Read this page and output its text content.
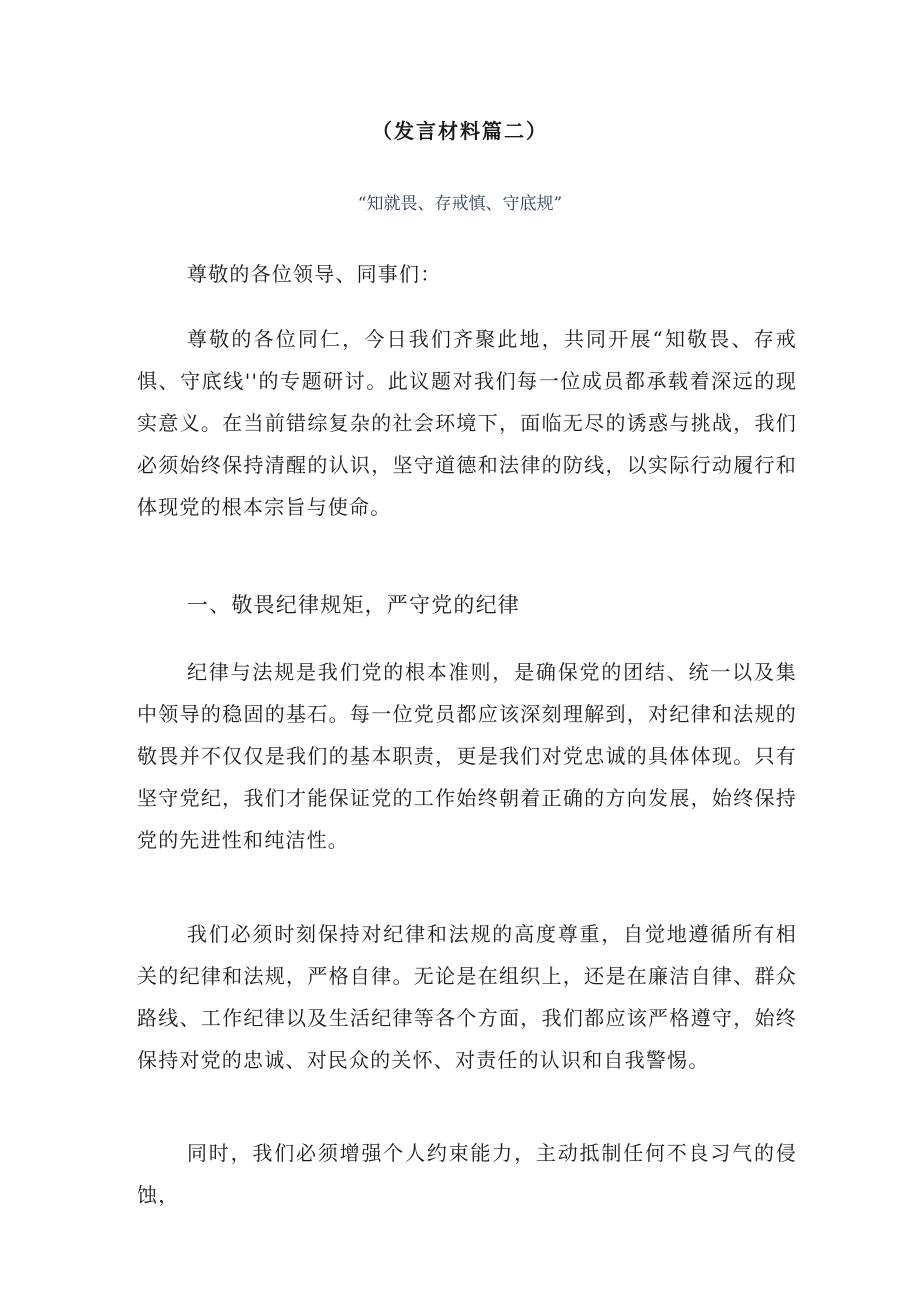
（发言材料篇二）

“知就畏、存戒慎、守底规”

尊敬的各位领导、同事们：

尊敬的各位同仁，今日我们齐聚此地，共同开展“知敬畏、存戒惧、守底线''的专题研讨。此议题对我们每一位成员都承载着深远的现实意义。在当前错综复杂的社会环境下，面临无尽的诱惑与挑战，我们必须始终保持清醒的认识，坚守道德和法律的防线，以实际行动履行和体现党的根本宗旨与使命。

一、敬畏纪律规矩，严守党的纪律

纪律与法规是我们党的根本准则，是确保党的团结、统一以及集中领导的稳固的基石。每一位党员都应该深刻理解到，对纪律和法规的敬畏并不仅仅是我们的基本职责，更是我们对党忠诚的具体体现。只有坚守党纪，我们才能保证党的工作始终朝着正确的方向发展，始终保持党的先进性和纯洁性。

我们必须时刻保持对纪律和法规的高度尊重，自觉地遵循所有相关的纪律和法规，严格自律。无论是在组织上，还是在廉洁自律、群众路线、工作纪律以及生活纪律等各个方面，我们都应该严格遵守，始终保持对党的忠诚、对民众的关怀、对责任的认识和自我警惕。

同时，我们必须增强个人约束能力，主动抵制任何不良习气的侵蚀，
